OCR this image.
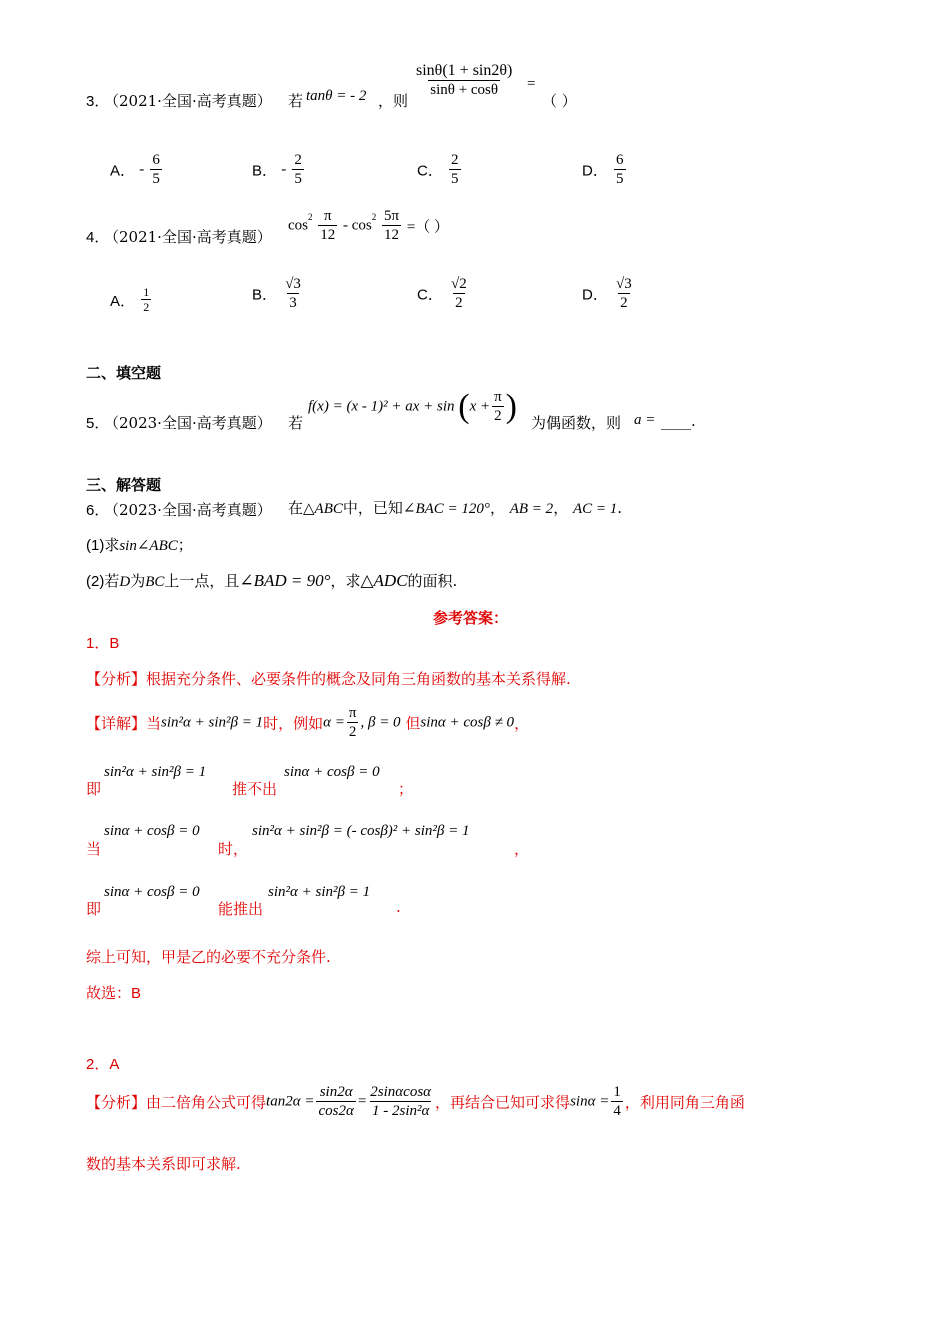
3．
（2021·全国·高考真题） 若 tanθ = - 2 ，则
$\frac{\sin\theta(1 + \sin 2\theta)}{\sin\theta + \cos\theta}$ =
（ ）
A． - $\frac{6}{5}$	B． - $\frac{2}{5}$	C． $\frac{2}{5}$	D． $\frac{6}{5}$
4．
（2021·全国·高考真题）
$\cos^2 \frac{\pi}{12} - \cos^2 \frac{5\pi}{12}$ =（ ）
A． $\frac{1}{2}$	B． $\frac{√3}{3}$	C． $\frac{√2}{2}$	D． $\frac{√3}{2}$
二、填空题
5．
（2023·全国·高考真题） 若
f(x) = (x - 1)² + ax + $\sin (x + \frac{\pi}{2}$ ) 为偶函数，则 a = ____.
三、解答题
6．
（2023·全国·高考真题） 在△ABC中，已知∠BAC = 120°， AB = 2， AC = 1.
(1)求sin∠ABC；
(2)若D为BC上一点，且∠BAD = 90°，求△ADC的面积.
参考答案：
1．B
【分析】根据充分条件、必要条件的概念及同角三角函数的基本关系得解.
【详解】当sin²α + sin²β = 1时，例如$\alpha = \frac{\pi}{2}$ , β = 0 但sinα + cosβ ≠ 0，
即
sin²α + sin²β = 1
推不出
sinα + cosβ = 0
；
当
sinα + cosβ = 0
时，
sin²α + sin²β = (- cosβ)² + sin²β = 1
，
即
sinα + cosβ = 0
能推出
sin²α + sin²β = 1
.
综上可知，甲是乙的必要不充分条件.
故选：B
2．A
【分析】由二倍角公式可得$\tan 2\alpha = \frac{\sin 2\alpha}{\cos 2\alpha} = \frac{2\sin\alpha\cos\alpha}{\text{1 - 2sin²α}}$ ，再结合已知可求得$\sin\alpha = \frac{1}{4}$ ，利用同角三角函
数的基本关系即可求解.
